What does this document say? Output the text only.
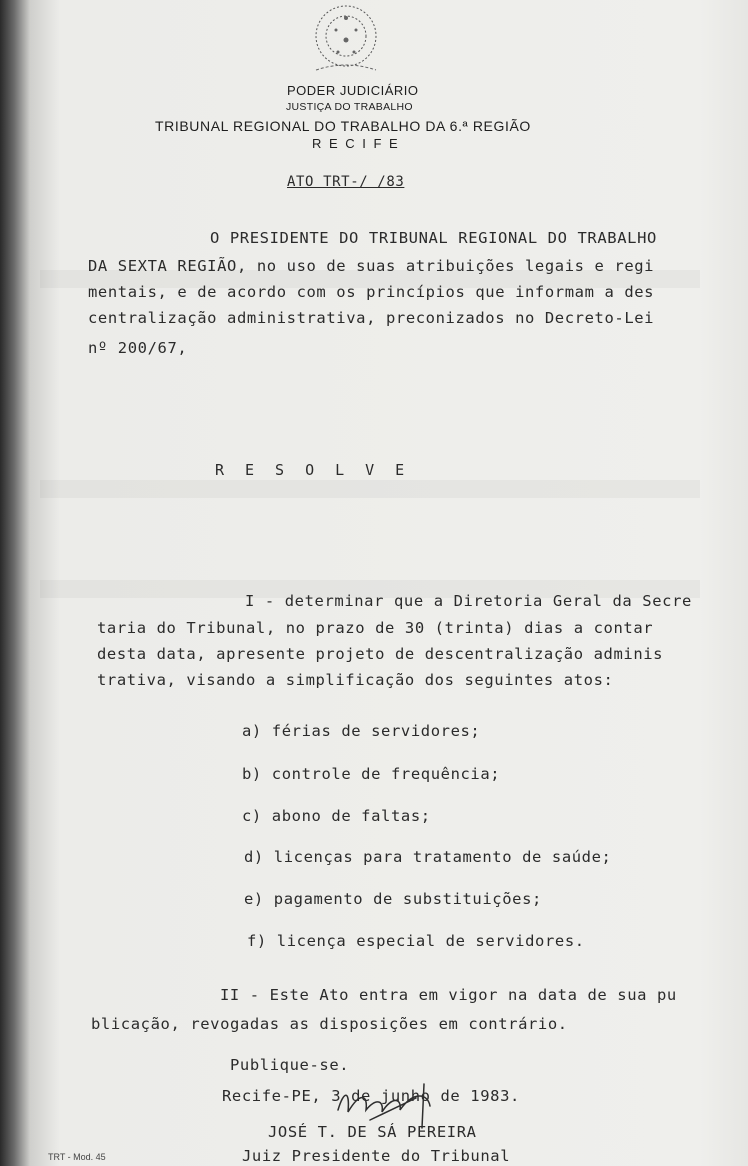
PODER JUDICIÁRIO
JUSTIÇA DO TRABALHO
TRIBUNAL REGIONAL DO TRABALHO DA 6.ª REGIÃO
R E C I F E
ATO TRT-/ /83
O PRESIDENTE DO TRIBUNAL REGIONAL DO TRABALHO
DA SEXTA REGIÃO, no uso de suas atribuições legais e regi
mentais, e de acordo com os princípios que informam a des
centralização administrativa, preconizados no Decreto-Lei
nº 200/67,
RESOLVE
I - determinar que a Diretoria Geral da Secre
taria do Tribunal, no prazo de 30 (trinta) dias a contar
desta data, apresente projeto de descentralização adminis
trativa, visando a simplificação dos seguintes atos:
a) férias de servidores;
b) controle de frequência;
c) abono de faltas;
d) licenças para tratamento de saúde;
e) pagamento de substituições;
f) licença especial de servidores.
II - Este Ato entra em vigor na data de sua pu
blicação, revogadas as disposições em contrário.
Publique-se.
Recife-PE, 3 de junho de 1983.
JOSÉ T. DE SÁ PEREIRA
Juiz Presidente do Tribunal
TRT - Mod. 45
